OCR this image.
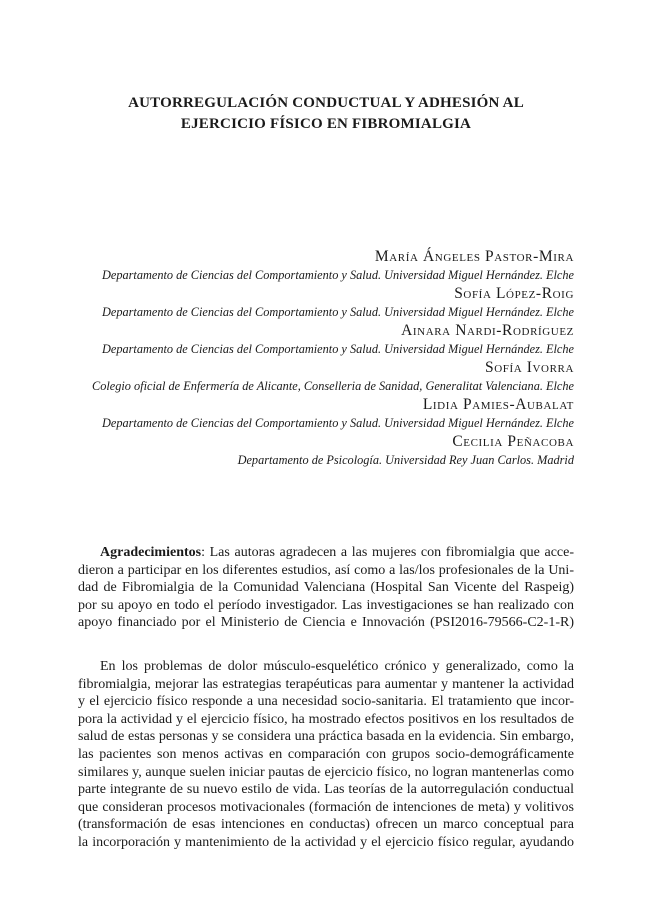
AUTORREGULACIÓN CONDUCTUAL Y ADHESIÓN AL
EJERCICIO FÍSICO EN FIBROMIALGIA
María Ángeles Pastor-Mira
Departamento de Ciencias del Comportamiento y Salud. Universidad Miguel Hernández. Elche
Sofía López-Roig
Departamento de Ciencias del Comportamiento y Salud. Universidad Miguel Hernández. Elche
Ainara Nardi-Rodríguez
Departamento de Ciencias del Comportamiento y Salud. Universidad Miguel Hernández. Elche
Sofía Ivorra
Colegio oficial de Enfermería de Alicante, Conselleria de Sanidad, Generalitat Valenciana. Elche
Lidia Pamies-Aubalat
Departamento de Ciencias del Comportamiento y Salud. Universidad Miguel Hernández. Elche
Cecilia Peñacoba
Departamento de Psicología. Universidad Rey Juan Carlos. Madrid
Agradecimientos: Las autoras agradecen a las mujeres con fibromialgia que acce-
dieron a participar en los diferentes estudios, así como a las/los profesionales de la Uni-
dad de Fibromialgia de la Comunidad Valenciana (Hospital San Vicente del Raspeig)
por su apoyo en todo el período investigador. Las investigaciones se han realizado con
apoyo financiado por el Ministerio de Ciencia e Innovación (PSI2016-79566-C2-1-R)
En los problemas de dolor músculo-esquelético crónico y generalizado, como la
fibromialgia, mejorar las estrategias terapéuticas para aumentar y mantener la actividad
y el ejercicio físico responde a una necesidad socio-sanitaria. El tratamiento que incor-
pora la actividad y el ejercicio físico, ha mostrado efectos positivos en los resultados de
salud de estas personas y se considera una práctica basada en la evidencia. Sin embargo,
las pacientes son menos activas en comparación con grupos socio-demográficamente
similares y, aunque suelen iniciar pautas de ejercicio físico, no logran mantenerlas como
parte integrante de su nuevo estilo de vida. Las teorías de la autorregulación conductual
que consideran procesos motivacionales (formación de intenciones de meta) y volitivos
(transformación de esas intenciones en conductas) ofrecen un marco conceptual para
la incorporación y mantenimiento de la actividad y el ejercicio físico regular, ayudando
